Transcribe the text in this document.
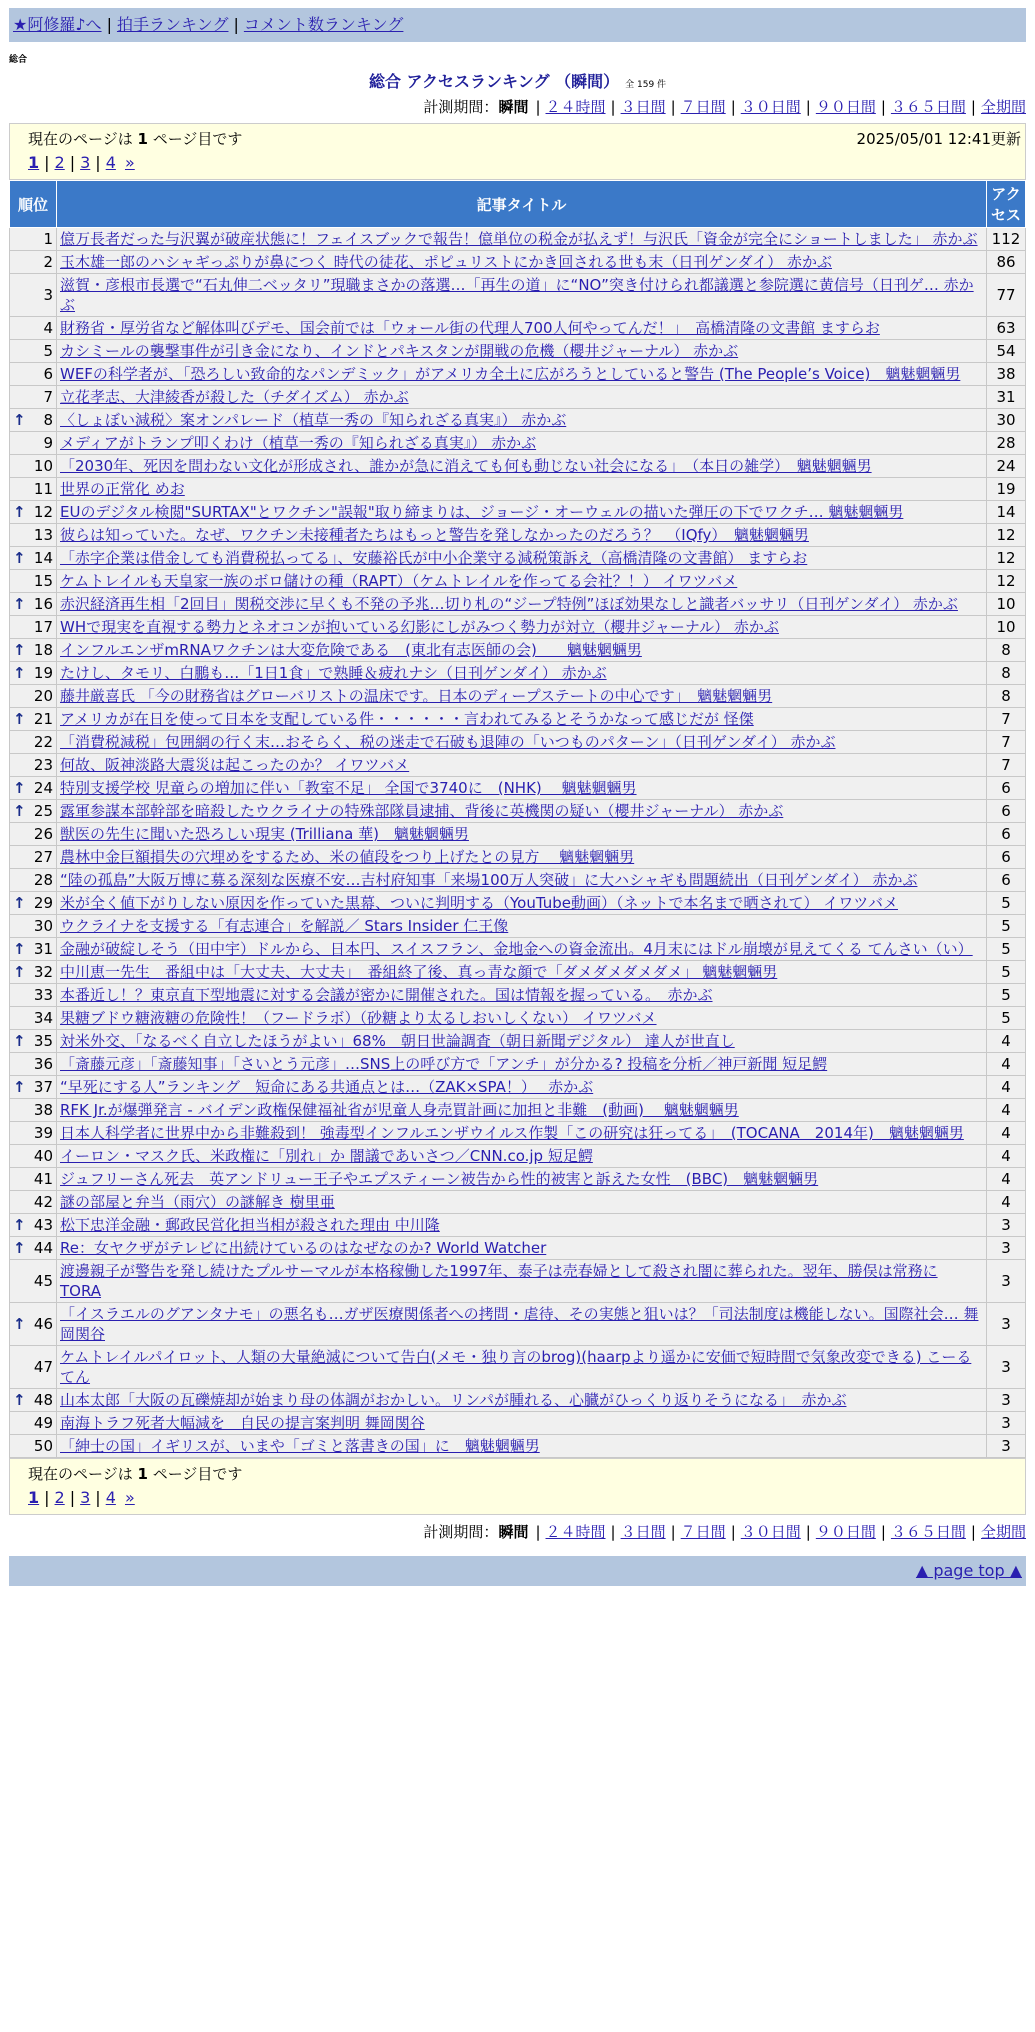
★阿修羅♪へ | 拍手ランキング | コメント数ランキング
総合
総合 アクセスランキング （瞬間） 全 159 件
計測期間：瞬間 | ２４時間 | ３日間 | ７日間 | ３０日間 | ９０日間 | ３６５日間 | 全期間
現在のページは 1 ページ目です	2025/05/01 12:41更新
1 | 2 | 3 | 4 »
順位	記事タイトル	アクセス
1	億万長者だった与沢翼が破産状態に！フェイスブックで報告！億単位の税金が払えず！与沢氏「資金が完全にショートしました」 赤かぶ	112
2	玉木雄一郎のハシャギっぷりが鼻につく 時代の徒花、ポピュリストにかき回される世も末（日刊ゲンダイ） 赤かぶ	86
3	滋賀・彦根市長選で“石丸伸二ベッタリ”現職まさかの落選…「再生の道」に“NO”突き付けられ都議選と参院選に黄信号（日刊ゲ… 赤かぶ	77
4	財務省・厚労省など解体叫びデモ、国会前では「ウォール街の代理人700人何やってんだ！」　高橋清隆の文書館 ますらお	63
5	カシミールの襲撃事件が引き金になり、インドとパキスタンが開戦の危機（櫻井ジャーナル） 赤かぶ	54
6	WEFの科学者が、「恐ろしい致命的なパンデミック」がアメリカ全土に広がろうとしていると警告 (The People’s Voice)　魑魅魍魎男	38
7	立花孝志、大津綾香が殺した（チダイズム） 赤かぶ	31

↑ 8	〈しょぼい減税〉案オンパレード（植草一秀の『知られざる真実』） 赤かぶ	30
9	メディアがトランプ叩くわけ（植草一秀の『知られざる真実』） 赤かぶ	28
10	「2030年、死因を問わない文化が形成され、誰かが急に消えても何も動じない社会になる」　（本日の雑学）　魑魅魍魎男	24
11	世界の正常化 めお	19

↑ 12	EUのデジタル検閲"SURTAX"とワクチン"誤報"取り締まりは、ジョージ・オーウェルの描いた弾圧の下でワクチ… 魑魅魍魎男	14
13	彼らは知っていた。なぜ、ワクチン未接種者たちはもっと警告を発しなかったのだろう？　（IQfy）　魑魅魍魎男	12

↑ 14	「赤字企業は借金しても消費税払ってる」、安藤裕氏が中小企業守る減税策訴え（高橋清隆の文書館） ますらお	12
15	ケムトレイルも天皇家一族のボロ儲けの種（RAPT）（ケムトレイルを作ってる会社？！） イワツバメ	12

↑ 16	赤沢経済再生相「2回目」関税交渉に早くも不発の予兆…切り札の“ジープ特例”ほぼ効果なしと識者バッサリ（日刊ゲンダイ） 赤かぶ	10
17	WHで現実を直視する勢力とネオコンが抱いている幻影にしがみつく勢力が対立（櫻井ジャーナル） 赤かぶ	10

↑ 18	インフルエンザmRNAワクチンは大変危険である　(東北有志医師の会)　　魑魅魍魎男	8

↑ 19	たけし、タモリ、白鵬も…「1日1食」で熟睡＆疲れナシ（日刊ゲンダイ） 赤かぶ	8
20	藤井厳喜氏 「今の財務省はグローバリストの温床です。日本のディープステートの中心です」　魑魅魍魎男	8

↑ 21	アメリカが在日を使って日本を支配している件・・・・・・言われてみるとそうかなって感じだが 怪傑	7
22	「消費税減税」包囲網の行く末…おそらく、税の迷走で石破も退陣の「いつものパターン」（日刊ゲンダイ） 赤かぶ	7
23	何故、阪神淡路大震災は起こったのか？ イワツバメ	7

↑ 24	特別支援学校 児童らの増加に伴い「教室不足」 全国で3740に　(NHK)　 魑魅魍魎男	6

↑ 25	露軍参謀本部幹部を暗殺したウクライナの特殊部隊員逮捕、背後に英機関の疑い（櫻井ジャーナル） 赤かぶ	6
26	獣医の先生に聞いた恐ろしい現実 (Trilliana 華)　魑魅魍魎男	6
27	農林中金巨額損失の穴埋めをするため、米の値段をつり上げたとの見方　 魑魅魍魎男	6
28	“陸の孤島”大阪万博に募る深刻な医療不安…吉村府知事「来場100万人突破」に大ハシャギも問題続出（日刊ゲンダイ） 赤かぶ	6

↑ 29	米が全く値下がりしない原因を作っていた黒幕、ついに判明する（YouTube動画）（ネットで本名まで晒されて） イワツバメ	5
30	ウクライナを支援する「有志連合」を解説／ Stars Insider 仁王像	5

↑ 31	金融が破綻しそう（田中宇）ドルから、日本円、スイスフラン、金地金への資金流出。4月末にはドル崩壊が見えてくる てんさい（い）	5

↑ 32	中川恵一先生　番組中は「大丈夫、大丈夫」　番組終了後、真っ青な顔で「ダメダメダメダメ」 魑魅魍魎男	5
33	本番近し！？東京直下型地震に対する会議が密かに開催された。国は情報を握っている。　赤かぶ	5
34	果糖ブドウ糖液糖の危険性！（フードラボ）（砂糖より太るしおいしくない） イワツバメ	5

↑ 35	対米外交、「なるべく自立したほうがよい」68%　朝日世論調査（朝日新聞デジタル） 達人が世直し	4
36	「斎藤元彦」「斎藤知事」「さいとう元彦」…SNS上の呼び方で「アンチ」が分かる? 投稿を分析／神戸新聞 短足鰐	4

↑ 37	“早死にする人”ランキング　短命にある共通点とは…（ZAK×SPA！）　 赤かぶ	4
38	RFK Jr.が爆弾発言 - バイデン政権保健福祉省が児童人身売買計画に加担と非難　(動画)　 魑魅魍魎男	4
39	日本人科学者に世界中から非難殺到！ 強毒型インフルエンザウイルス作製「この研究は狂ってる」　(TOCANA　2014年)　魑魅魍魎男	4
40	イーロン・マスク氏、米政権に「別れ」か 闇議であいさつ／CNN.co.jp 短足鰐	4
41	ジュフリーさん死去　英アンドリュー王子やエプスティーン被告から性的被害と訴えた女性　(BBC)　魑魅魍魎男	4
42	謎の部屋と弁当（雨穴）の謎解き 樹里亜	4

↑ 43	松下忠洋金融・郵政民営化担当相が殺された理由 中川隆	3

↑ 44	Re：女ヤクザがテレビに出続けているのはなぜなのか? World Watcher	3
45	渡邊親子が警告を発し続けたプルサーマルが本格稼働した1997年、泰子は売春婦として殺され闇に葬られた。翌年、勝俣は常務に TORA	3

↑ 46	「イスラエルのグアンタナモ」の悪名も…ガザ医療関係者への拷問・虐待、その実態と狙いは？「司法制度は機能しない。国際社会… 舞岡関谷	3
47	ケムトレイルパイロット、人類の大量絶滅について告白(メモ・独り言のbrog)(haarpより遥かに安価で短時間で気象改変できる) こーるてん	3

↑ 48	山本太郎「大阪の瓦礫焼却が始まり母の体調がおかしい。リンパが腫れる、心臓がひっくり返りそうになる」　赤かぶ	3
49	南海トラフ死者大幅減を　自民の提言案判明 舞岡関谷	3
50	「紳士の国」イギリスが、いまや「ゴミと落書きの国」に　魑魅魍魎男	3
現在のページは 1 ページ目です
1 | 2 | 3 | 4 »
計測期間：瞬間 | ２４時間 | ３日間 | ７日間 | ３０日間 | ９０日間 | ３６５日間 | 全期間
▲ page top ▲
